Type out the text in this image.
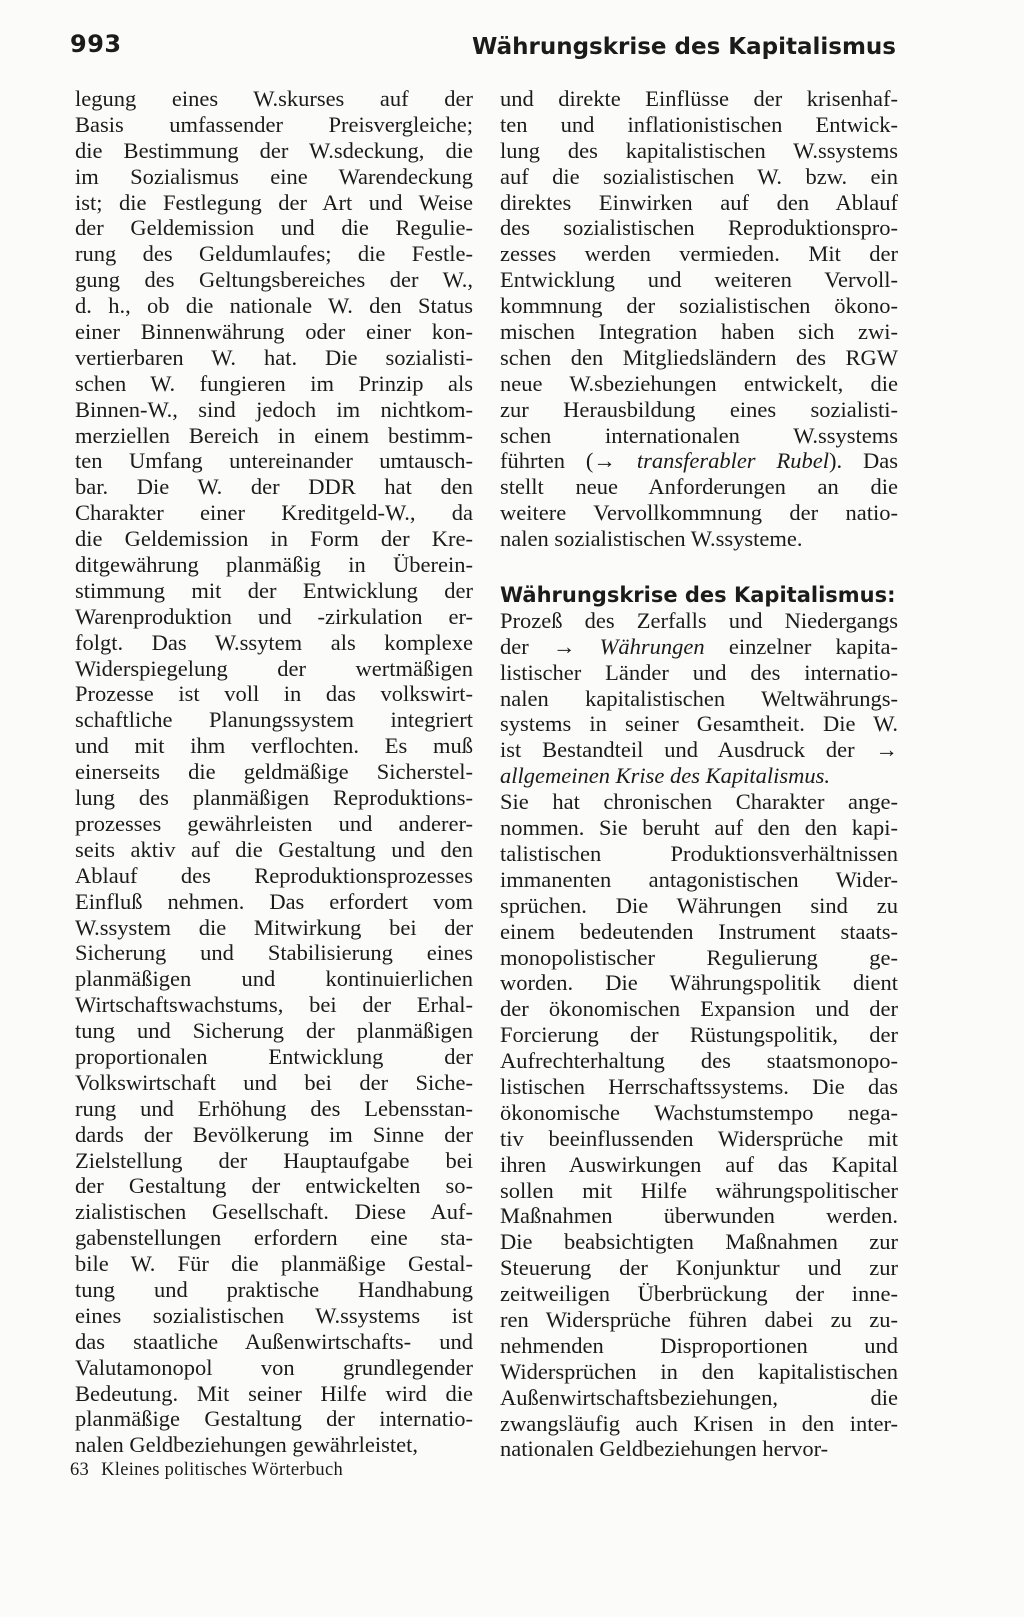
993	Währungskrise des Kapitalismus
legung eines W.skurses auf der
Basis umfassender Preisvergleiche;
die Bestimmung der W.sdeckung, die
im Sozialismus eine Warendeckung
ist; die Festlegung der Art und Weise
der Geldemission und die Regulie-
rung des Geldumlaufes; die Festle-
gung des Geltungsbereiches der W.,
d. h., ob die nationale W. den Status
einer Binnenwährung oder einer kon-
vertierbaren W. hat. Die sozialisti-
schen W. fungieren im Prinzip als
Binnen-W., sind jedoch im nichtkom-
merziellen Bereich in einem bestimm-
ten Umfang untereinander umtausch-
bar. Die W. der DDR hat den
Charakter einer Kreditgeld-W., da
die Geldemission in Form der Kre-
ditgewährung planmäßig in Überein-
stimmung mit der Entwicklung der
Warenproduktion und -zirkulation er-
folgt. Das W.ssytem als komplexe
Widerspiegelung der wertmäßigen
Prozesse ist voll in das volkswirt-
schaftliche Planungssystem integriert
und mit ihm verflochten. Es muß
einerseits die geldmäßige Sicherstel-
lung des planmäßigen Reproduktions-
prozesses gewährleisten und anderer-
seits aktiv auf die Gestaltung und den
Ablauf des Reproduktionsprozesses
Einfluß nehmen. Das erfordert vom
W.ssystem die Mitwirkung bei der
Sicherung und Stabilisierung eines
planmäßigen und kontinuierlichen
Wirtschaftswachstums, bei der Erhal-
tung und Sicherung der planmäßigen
proportionalen Entwicklung der
Volkswirtschaft und bei der Siche-
rung und Erhöhung des Lebensstan-
dards der Bevölkerung im Sinne der
Zielstellung der Hauptaufgabe bei
der Gestaltung der entwickelten so-
zialistischen Gesellschaft. Diese Auf-
gabenstellungen erfordern eine sta-
bile W. Für die planmäßige Gestal-
tung und praktische Handhabung
eines sozialistischen W.ssystems ist
das staatliche Außenwirtschafts- und
Valutamonopol von grundlegender
Bedeutung. Mit seiner Hilfe wird die
planmäßige Gestaltung der internatio-
nalen Geldbeziehungen gewährleistet,
und direkte Einflüsse der krisenhaf-
ten und inflationistischen Entwick-
lung des kapitalistischen W.ssystems
auf die sozialistischen W. bzw. ein
direktes Einwirken auf den Ablauf
des sozialistischen Reproduktionspro-
zesses werden vermieden. Mit der
Entwicklung und weiteren Vervoll-
kommnung der sozialistischen ökono-
mischen Integration haben sich zwi-
schen den Mitgliedsländern des RGW
neue W.sbeziehungen entwickelt, die
zur Herausbildung eines sozialisti-
schen internationalen W.ssystems
führten (→ transferabler Rubel). Das
stellt neue Anforderungen an die
weitere Vervollkommnung der natio-
nalen sozialistischen W.ssysteme.
Währungskrise des Kapitalismus:
Prozeß des Zerfalls und Niedergangs
der → Währungen einzelner kapita-
listischer Länder und des internatio-
nalen kapitalistischen Weltwährungs-
systems in seiner Gesamtheit. Die W.
ist Bestandteil und Ausdruck der →
allgemeinen Krise des Kapitalismus.
Sie hat chronischen Charakter ange-
nommen. Sie beruht auf den den kapi-
talistischen Produktionsverhältnissen
immanenten antagonistischen Wider-
sprüchen. Die Währungen sind zu
einem bedeutenden Instrument staats-
monopolistischer Regulierung ge-
worden. Die Währungspolitik dient
der ökonomischen Expansion und der
Forcierung der Rüstungspolitik, der
Aufrechterhaltung des staatsmonopo-
listischen Herrschaftssystems. Die das
ökonomische Wachstumstempo nega-
tiv beeinflussenden Widersprüche mit
ihren Auswirkungen auf das Kapital
sollen mit Hilfe währungspolitischer
Maßnahmen überwunden werden.
Die beabsichtigten Maßnahmen zur
Steuerung der Konjunktur und zur
zeitweiligen Überbrückung der inne-
ren Widersprüche führen dabei zu zu-
nehmenden Disproportionen und
Widersprüchen in den kapitalistischen
Außenwirtschaftsbeziehungen, die
zwangsläufig auch Krisen in den inter-
nationalen Geldbeziehungen hervor-
63 Kleines politisches Wörterbuch
